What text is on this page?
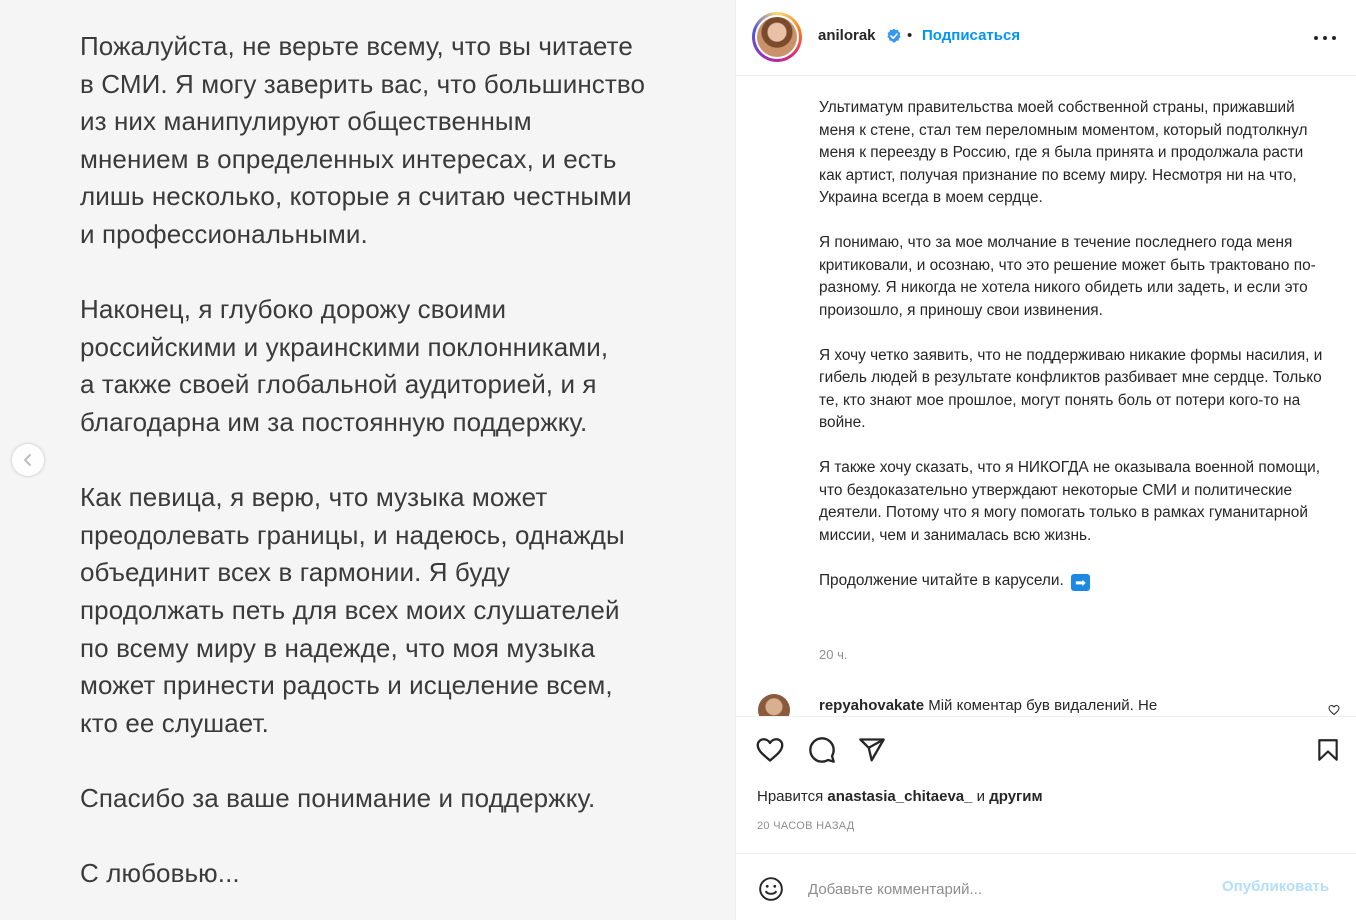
Пожалуйста, не верьте всему, что вы читаете
в СМИ. Я могу заверить вас, что большинство
из них манипулируют общественным
мнением в определенных интересах, и есть
лишь несколько, которые я считаю честными
и профессиональными.

Наконец, я глубоко дорожу своими
российскими и украинскими поклонниками,
а также своей глобальной аудиторией, и я
благодарна им за постоянную поддержку.

Как певица, я верю, что музыка может
преодолевать границы, и надеюсь, однажды
объединит всех в гармонии. Я буду
продолжать петь для всех моих слушателей
по всему миру в надежде, что моя музыка
может принести радость и исцеление всем,
кто ее слушает.

Спасибо за ваше понимание и поддержку.

С любовью...

anilorak • Подписаться

Ультиматум правительства моей собственной страны, прижавший меня к стене, стал тем переломным моментом, который подтолкнул меня к переезду в Россию, где я была принята и продолжала расти как артист, получая признание по всему миру. Несмотря ни на что, Украина всегда в моем сердце.

Я понимаю, что за мое молчание в течение последнего года меня критиковали, и осознаю, что это решение может быть трактовано по-разному. Я никогда не хотела никого обидеть или задеть, и если это произошло, я приношу свои извинения.

Я хочу четко заявить, что не поддерживаю никакие формы насилия, и гибель людей в результате конфликтов разбивает мне сердце. Только те, кто знают мое прошлое, могут понять боль от потери кого-то на войне.

Я также хочу сказать, что я НИКОГДА не оказывала военной помощи, что бездоказательно утверждают некоторые СМИ и политические деятели. Потому что я могу помогать только в рамках гуманитарной миссии, чем и занималась всю жизнь.

Продолжение читайте в карусели. ➡

20 ч.
repyahovakate Мій коментар був видалений. Не
Нравится anastasia_chitaeva_ и другим
20 ЧАСОВ НАЗАД
Добавьте комментарий...
Опубликовать
